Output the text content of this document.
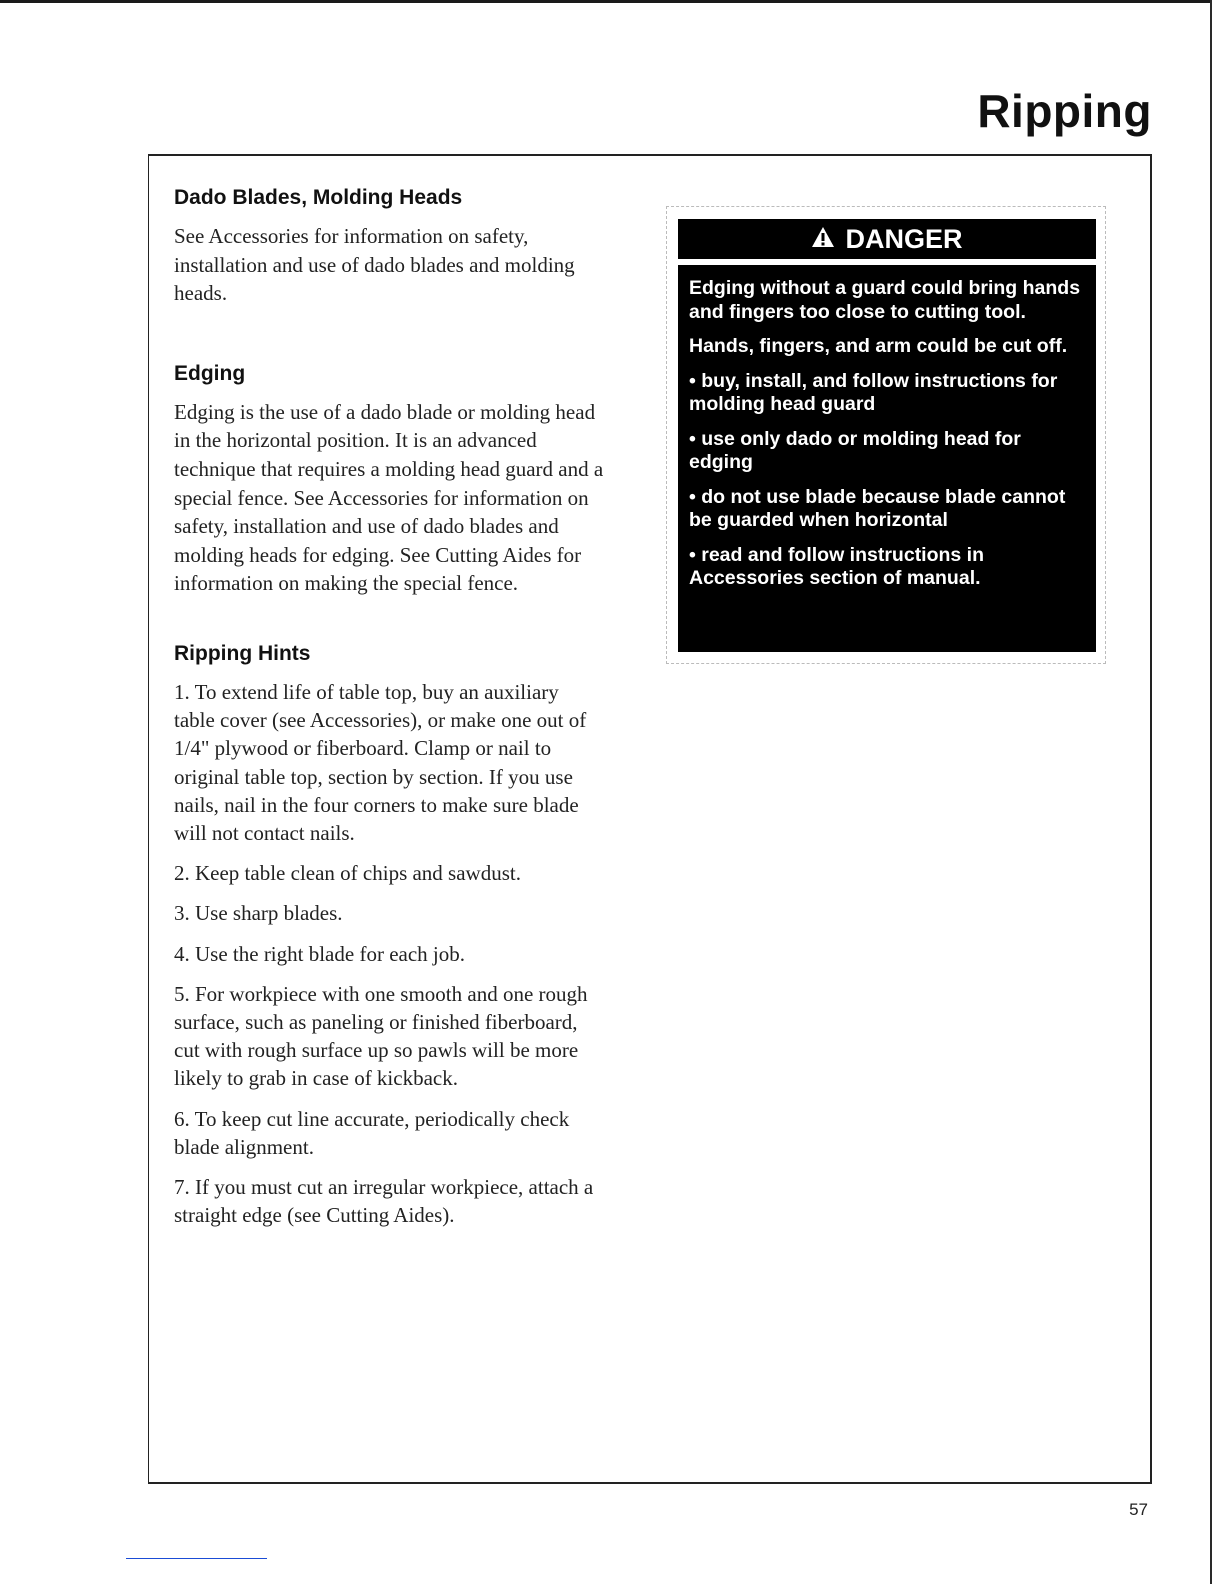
Ripping
Dado Blades, Molding Heads

See Accessories for information on safety, installation and use of dado blades and molding heads.

Edging

Edging is the use of a dado blade or molding head in the horizontal position. It is an advanced technique that requires a molding head guard and a special fence. See Accessories for information on safety, installation and use of dado blades and molding heads for edging. See Cutting Aides for information on making the special fence.

Ripping Hints

1. To extend life of table top, buy an auxiliary table cover (see Accessories), or make one out of 1/4" plywood or fiberboard. Clamp or nail to original table top, section by section. If you use nails, nail in the four corners to make sure blade will not contact nails.

2. Keep table clean of chips and sawdust.

3. Use sharp blades.

4. Use the right blade for each job.

5. For workpiece with one smooth and one rough surface, such as paneling or finished fiberboard, cut with rough surface up so pawls will be more likely to grab in case of kickback.

6. To keep cut line accurate, periodically check blade alignment.

7. If you must cut an irregular workpiece, attach a straight edge (see Cutting Aides).

DANGER

Edging without a guard could bring hands and fingers too close to cutting tool.

Hands, fingers, and arm could be cut off.

• buy, install, and follow instructions for molding head guard

• use only dado or molding head for edging

• do not use blade because blade cannot be guarded when horizontal

• read and follow instructions in Accessories section of manual.

57
